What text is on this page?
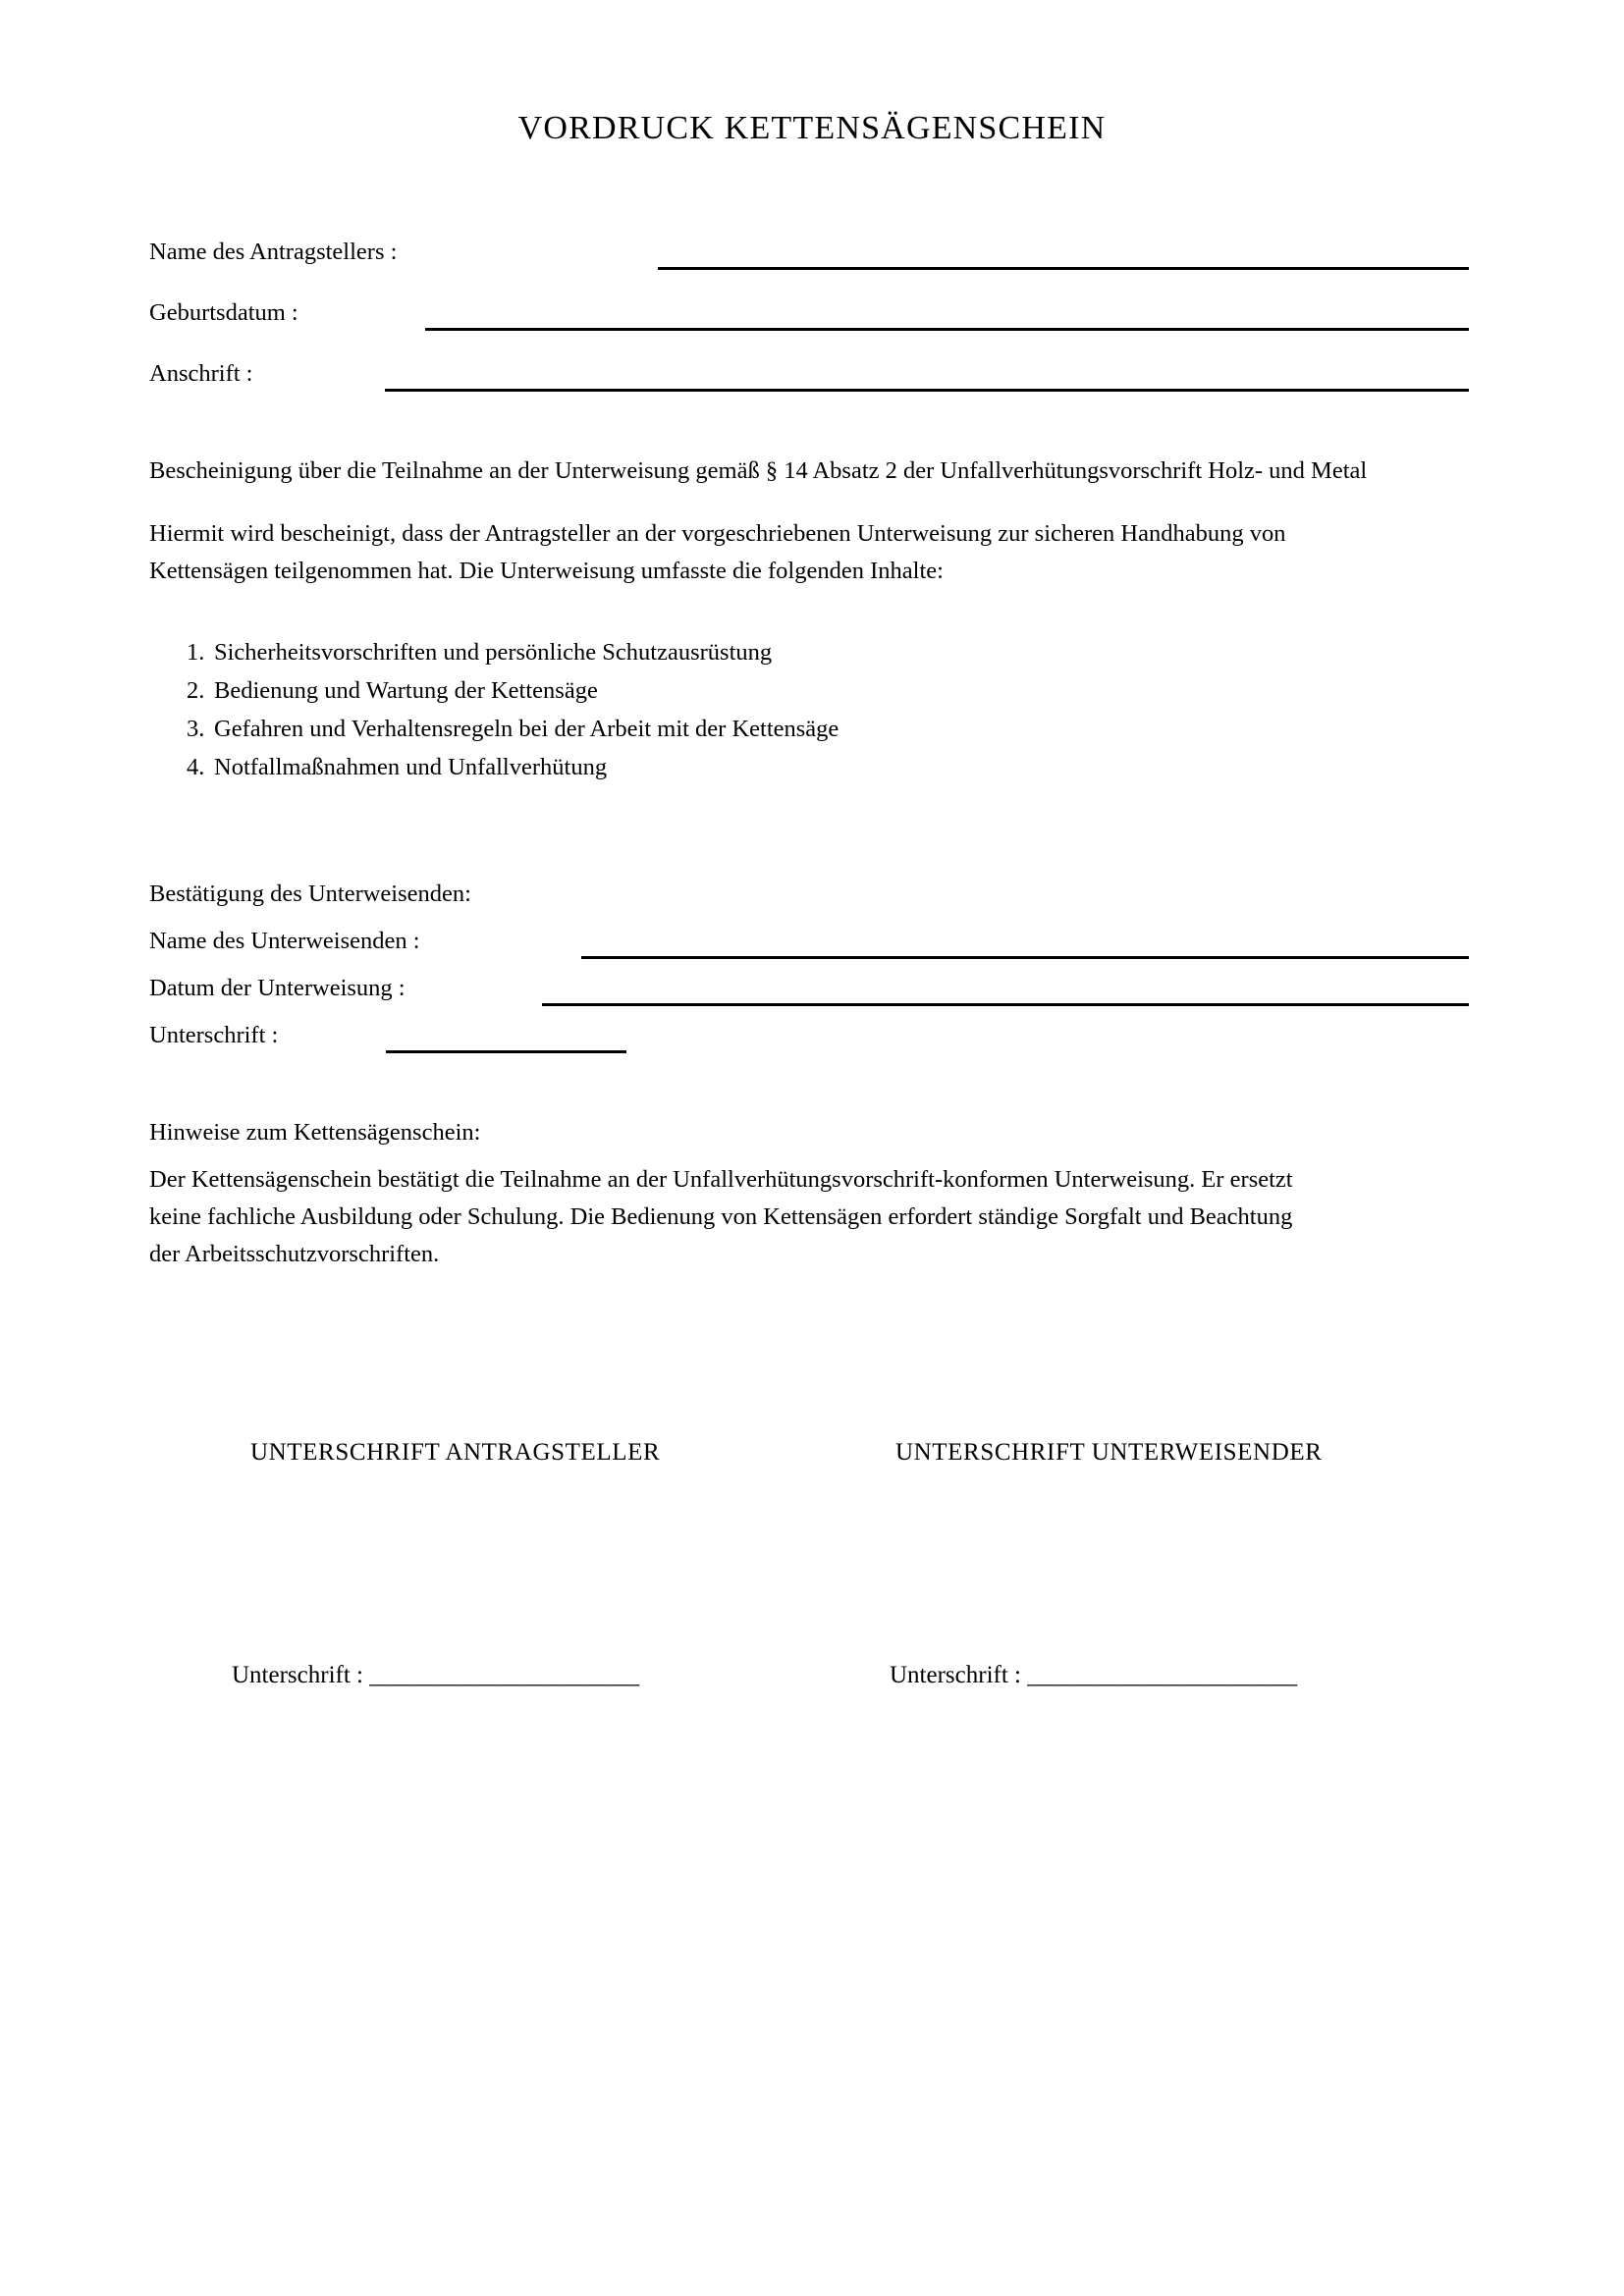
VORDRUCK KETTENSÄGENSCHEIN
Name des Antragstellers :
Geburtsdatum :
Anschrift :
Bescheinigung über die Teilnahme an der Unterweisung gemäß § 14 Absatz 2 der Unfallverhütungsvorschrift Holz- und Metal
Hiermit wird bescheinigt, dass der Antragsteller an der vorgeschriebenen Unterweisung zur sicheren Handhabung von
Kettensägen teilgenommen hat. Die Unterweisung umfasste die folgenden Inhalte:
1. Sicherheitsvorschriften und persönliche Schutzausrüstung
2. Bedienung und Wartung der Kettensäge
3. Gefahren und Verhaltensregeln bei der Arbeit mit der Kettensäge
4. Notfallmaßnahmen und Unfallverhütung
Bestätigung des Unterweisenden:
Name des Unterweisenden :
Datum der Unterweisung :
Unterschrift :
Hinweise zum Kettensägenschein:
Der Kettensägenschein bestätigt die Teilnahme an der Unfallverhütungsvorschrift-konformen Unterweisung. Er ersetzt
keine fachliche Ausbildung oder Schulung. Die Bedienung von Kettensägen erfordert ständige Sorgfalt und Beachtung
der Arbeitsschutzvorschriften.
UNTERSCHRIFT ANTRAGSTELLER	UNTERSCHRIFT UNTERWEISENDER
Unterschrift : ______________________	Unterschrift : ______________________
